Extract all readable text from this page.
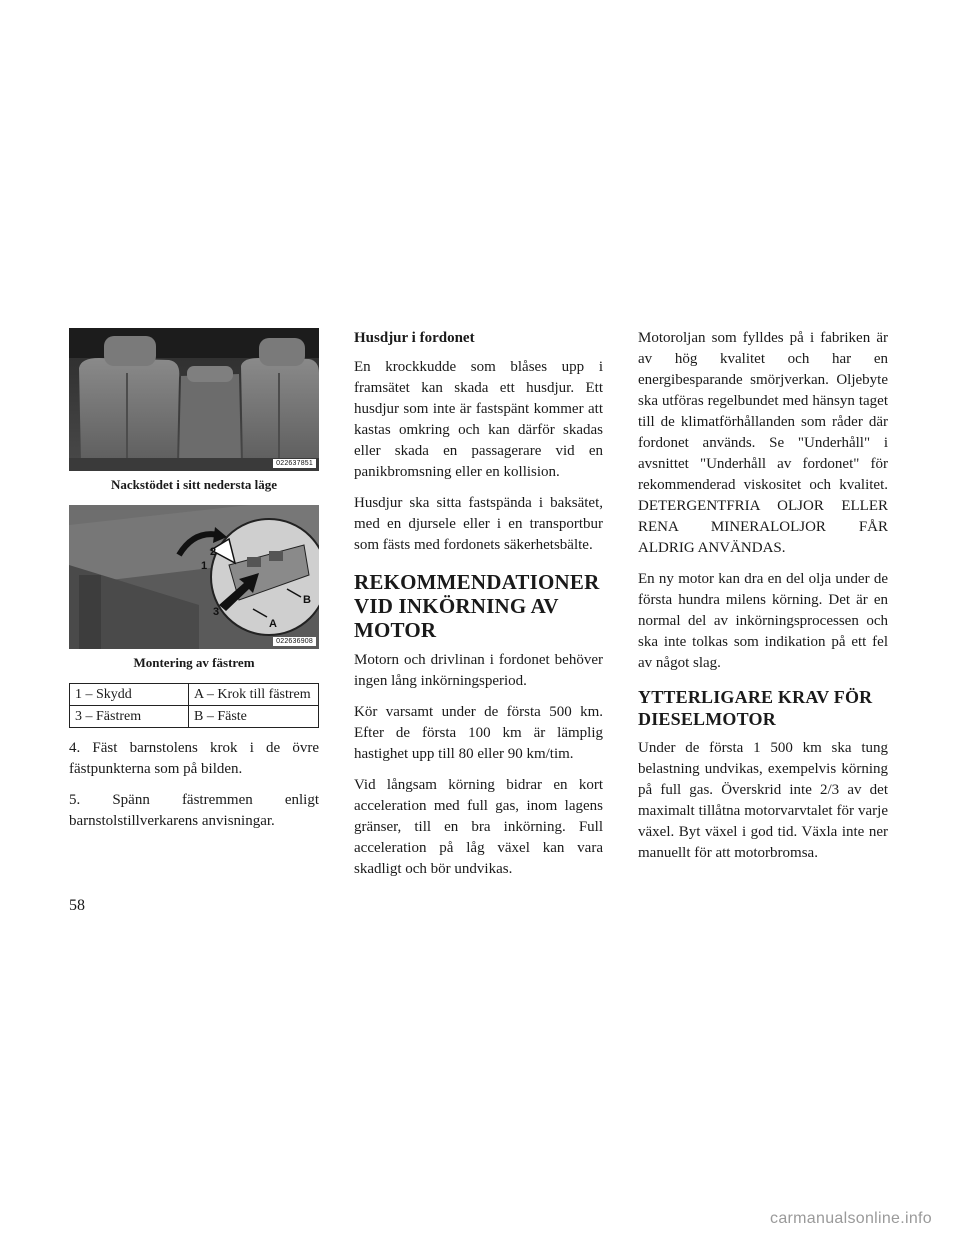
022637851
Nackstödet i sitt nedersta läge
1
2
3
A
B
022636908
Montering av fästrem
1 – Skydd	A – Krok till fästrem
3 – Fästrem	B – Fäste

4. Fäst barnstolens krok i de övre fästpunkterna som på bilden.

5. Spänn fästremmen enligt barnstolstillverkarens anvisningar.

Husdjur i fordonet

En krockkudde som blåses upp i framsätet kan skada ett husdjur. Ett husdjur som inte är fastspänt kommer att kastas omkring och kan därför skadas eller skada en passagerare vid en panikbromsning eller en kollision.

Husdjur ska sitta fastspända i baksätet, med en djursele eller i en transportbur som fästs med fordonets säkerhetsbälte.

REKOMMENDATIONER VID INKÖRNING AV MOTOR

Motorn och drivlinan i fordonet behöver ingen lång inkörningsperiod.

Kör varsamt under de första 500 km. Efter de första 100 km är lämplig hastighet upp till 80 eller 90 km/tim.

Vid långsam körning bidrar en kort acceleration med full gas, inom lagens gränser, till en bra inkörning. Full acceleration på låg växel kan vara skadligt och bör undvikas.

Motoroljan som fylldes på i fabriken är av hög kvalitet och har en energibesparande smörjverkan. Oljebyte ska utföras regelbundet med hänsyn taget till de klimatförhållanden som råder där fordonet används. Se "Underhåll" i avsnittet "Underhåll av fordonet" för rekommenderad viskositet och kvalitet. DETERGENTFRIA OLJOR ELLER RENA MINERALOLJOR FÅR ALDRIG ANVÄNDAS.

En ny motor kan dra en del olja under de första hundra milens körning. Det är en normal del av inkörningsprocessen och ska inte tolkas som indikation på ett fel av något slag.

YTTERLIGARE KRAV FÖR DIESELMOTOR

Under de första 1 500 km ska tung belastning undvikas, exempelvis körning på full gas. Överskrid inte 2/3 av det maximalt tillåtna motorvarvtalet för varje växel. Byt växel i god tid. Växla inte ner manuellt för att motorbromsa.

58
carmanualsonline.info
